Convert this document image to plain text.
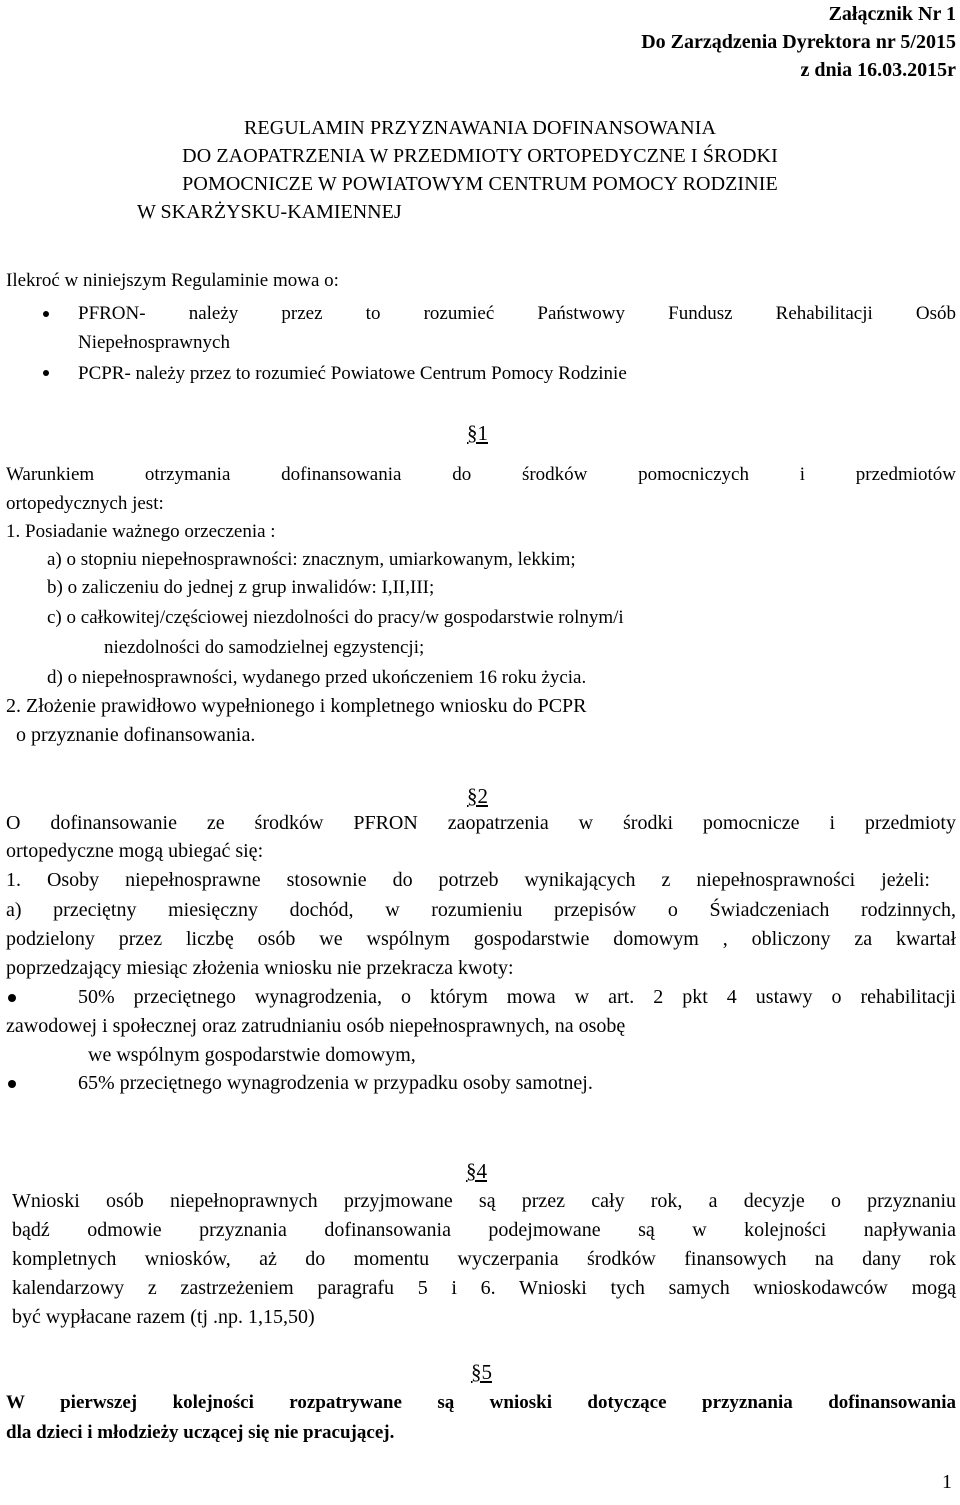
Załącznik Nr 1
Do Zarządzenia Dyrektora nr 5/2015
z dnia 16.03.2015r
REGULAMIN PRZYZNAWANIA DOFINANSOWANIA
DO ZAOPATRZENIA W PRZEDMIOTY ORTOPEDYCZNE I ŚRODKI
POMOCNICZE W POWIATOWYM CENTRUM POMOCY RODZINIE
W SKARŻYSKU-KAMIENNEJ
Ilekroć w niniejszym Regulaminie mowa o:
PFRON- należy przez to rozumieć Państwowy Fundusz Rehabilitacji Osób
Niepełnosprawnych
PCPR- należy przez to rozumieć Powiatowe Centrum Pomocy Rodzinie
§1
Warunkiem otrzymania dofinansowania do środków pomocniczych i przedmiotów
ortopedycznych jest:
1. Posiadanie ważnego orzeczenia :
a) o stopniu niepełnosprawności: znacznym, umiarkowanym, lekkim;
b) o zaliczeniu do jednej z grup inwalidów: I,II,III;
c) o całkowitej/częściowej niezdolności do pracy/w gospodarstwie rolnym/i
niezdolności do samodzielnej egzystencji;
d) o niepełnosprawności, wydanego przed ukończeniem 16 roku życia.
2. Złożenie prawidłowo wypełnionego i kompletnego wniosku do PCPR
o przyznanie dofinansowania.
§2
O dofinansowanie ze środków PFRON zaopatrzenia w środki pomocnicze i przedmioty
ortopedyczne mogą ubiegać się:
1. Osoby niepełnosprawne stosownie do potrzeb wynikających z niepełnosprawności jeżeli:
a) przeciętny miesięczny dochód, w rozumieniu przepisów o Świadczeniach rodzinnych,
podzielony przez liczbę osób we wspólnym gospodarstwie domowym , obliczony za kwartał
poprzedzający miesiąc złożenia wniosku nie przekracza kwoty:
50% przeciętnego wynagrodzenia, o którym mowa w art. 2 pkt 4 ustawy o rehabilitacji
zawodowej i społecznej oraz zatrudnianiu osób niepełnosprawnych, na osobę
we wspólnym gospodarstwie domowym,
65% przeciętnego wynagrodzenia w przypadku osoby samotnej.
§4
Wnioski osób niepełnoprawnych przyjmowane są przez cały rok, a decyzje o przyznaniu
bądź odmowie przyznania dofinansowania podejmowane są w kolejności napływania
kompletnych wniosków, aż do momentu wyczerpania środków finansowych na dany rok
kalendarzowy z zastrzeżeniem paragrafu 5 i 6. Wnioski tych samych wnioskodawców mogą
być wypłacane razem (tj .np. 1,15,50)
§5
W pierwszej kolejności rozpatrywane są wnioski dotyczące przyznania dofinansowania
dla dzieci i młodzieży uczącej się nie pracującej.
1
